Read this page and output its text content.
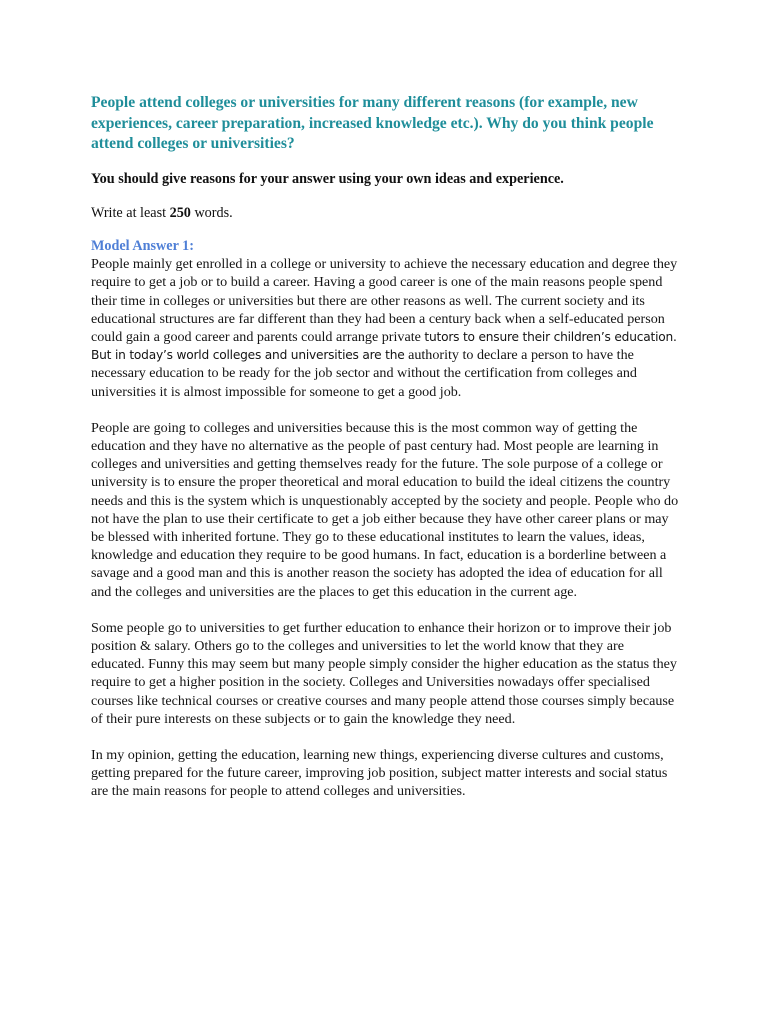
People attend colleges or universities for many different reasons (for example, new experiences, career preparation, increased knowledge etc.). Why do you think people attend colleges or universities?

You should give reasons for your answer using your own ideas and experience.

Write at least 250 words.

Model Answer 1:

People mainly get enrolled in a college or university to achieve the necessary education and degree they require to get a job or to build a career. Having a good career is one of the main reasons people spend their time in colleges or universities but there are other reasons as well. The current society and its educational structures are far different than they had been a century back when a self-educated person could gain a good career and parents could arrange private tutors to ensure their children’s education. But in today’s world colleges and universities are the authority to declare a person to have the necessary education to be ready for the job sector and without the certification from colleges and universities it is almost impossible for someone to get a good job.

People are going to colleges and universities because this is the most common way of getting the education and they have no alternative as the people of past century had. Most people are learning in colleges and universities and getting themselves ready for the future. The sole purpose of a college or university is to ensure the proper theoretical and moral education to build the ideal citizens the country needs and this is the system which is unquestionably accepted by the society and people. People who do not have the plan to use their certificate to get a job either because they have other career plans or may be blessed with inherited fortune. They go to these educational institutes to learn the values, ideas, knowledge and education they require to be good humans. In fact, education is a borderline between a savage and a good man and this is another reason the society has adopted the idea of education for all and the colleges and universities are the places to get this education in the current age.

Some people go to universities to get further education to enhance their horizon or to improve their job position & salary. Others go to the colleges and universities to let the world know that they are educated. Funny this may seem but many people simply consider the higher education as the status they require to get a higher position in the society. Colleges and Universities nowadays offer specialised courses like technical courses or creative courses and many people attend those courses simply because of their pure interests on these subjects or to gain the knowledge they need.

In my opinion, getting the education, learning new things, experiencing diverse cultures and customs, getting prepared for the future career, improving job position, subject matter interests and social status are the main reasons for people to attend colleges and universities.
